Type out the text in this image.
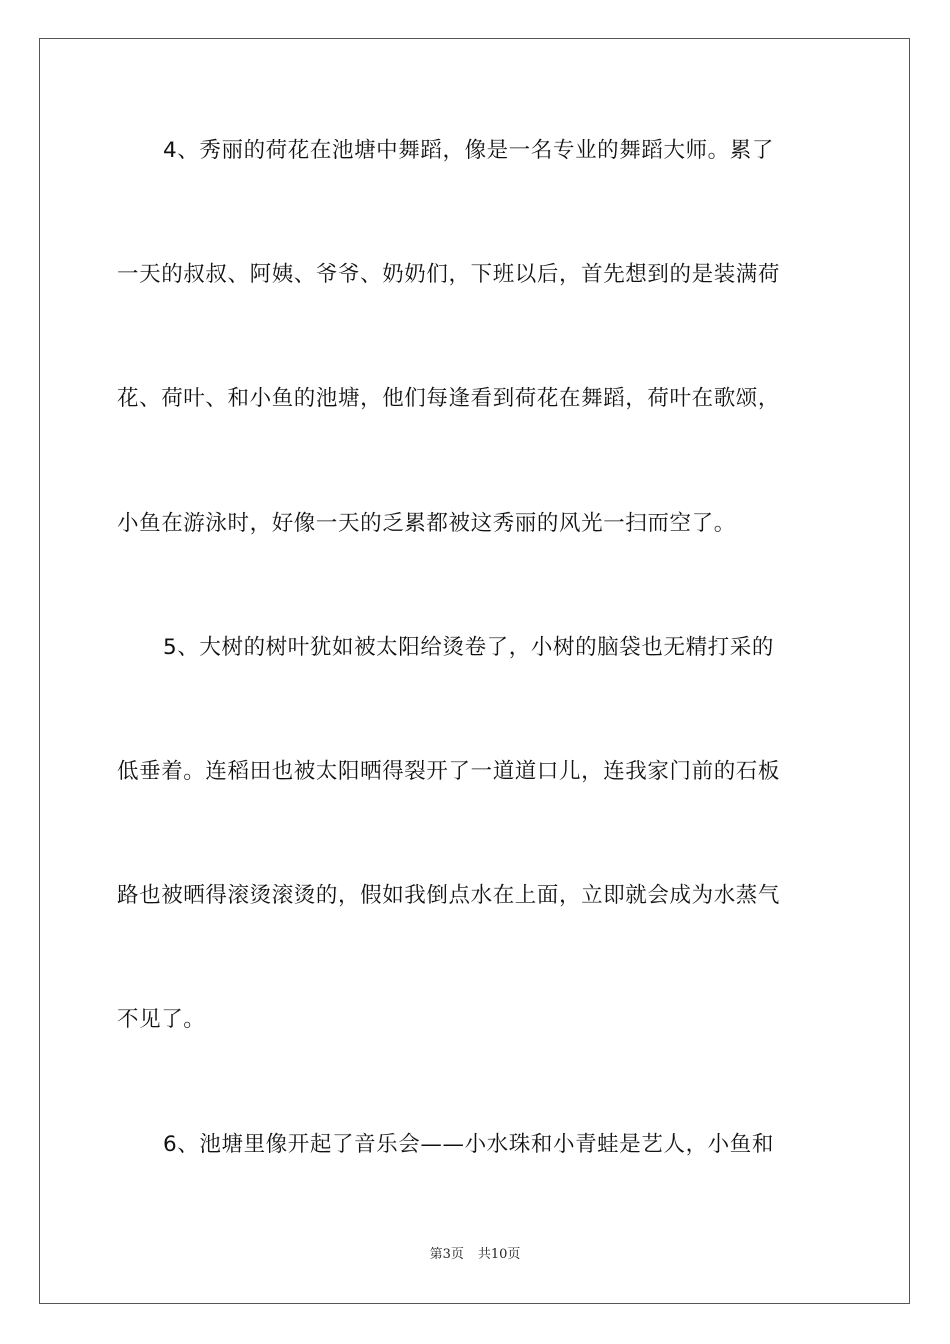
4、秀丽的荷花在池塘中舞蹈，像是一名专业的舞蹈大师。累了
一天的叔叔、阿姨、爷爷、奶奶们，下班以后，首先想到的是装满荷
花、荷叶、和小鱼的池塘，他们每逢看到荷花在舞蹈，荷叶在歌颂，
小鱼在游泳时，好像一天的乏累都被这秀丽的风光一扫而空了。
5、大树的树叶犹如被太阳给烫卷了，小树的脑袋也无精打采的
低垂着。连稻田也被太阳晒得裂开了一道道口儿，连我家门前的石板
路也被晒得滚烫滚烫的，假如我倒点水在上面，立即就会成为水蒸气
不见了。
6、池塘里像开起了音乐会——小水珠和小青蛙是艺人，小鱼和
第3页 共10页
